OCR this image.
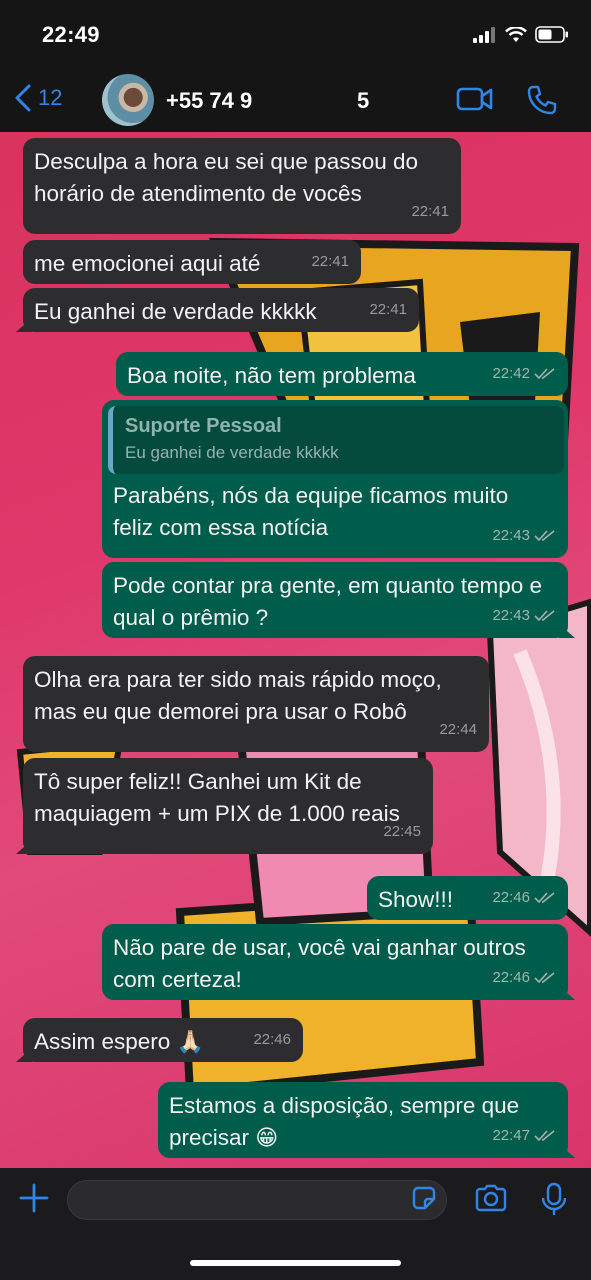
22:49
12	+55 74 9	5
Desculpa a hora eu sei que passou do horário de atendimento de vocês
22:41
me emocionei aqui até	22:41
Eu ganhei de verdade kkkkk	22:41
Boa noite, não tem problema	22:42
Suporte Pessoal
Eu ganhei de verdade kkkkk
Parabéns, nós da equipe ficamos muito feliz com essa notícia	22:43
Pode contar pra gente, em quanto tempo e qual o prêmio ?	22:43
Olha era para ter sido mais rápido moço, mas eu que demorei pra usar o Robô
22:44
Tô super feliz!! Ganhei um Kit de maquiagem + um PIX de 1.000 reais
22:45
Show!!!	22:46
Não pare de usar, você vai ganhar outros com certeza!	22:46
Assim espero 🙏🏻	22:46
Estamos a disposição, sempre que precisar 😁	22:47
